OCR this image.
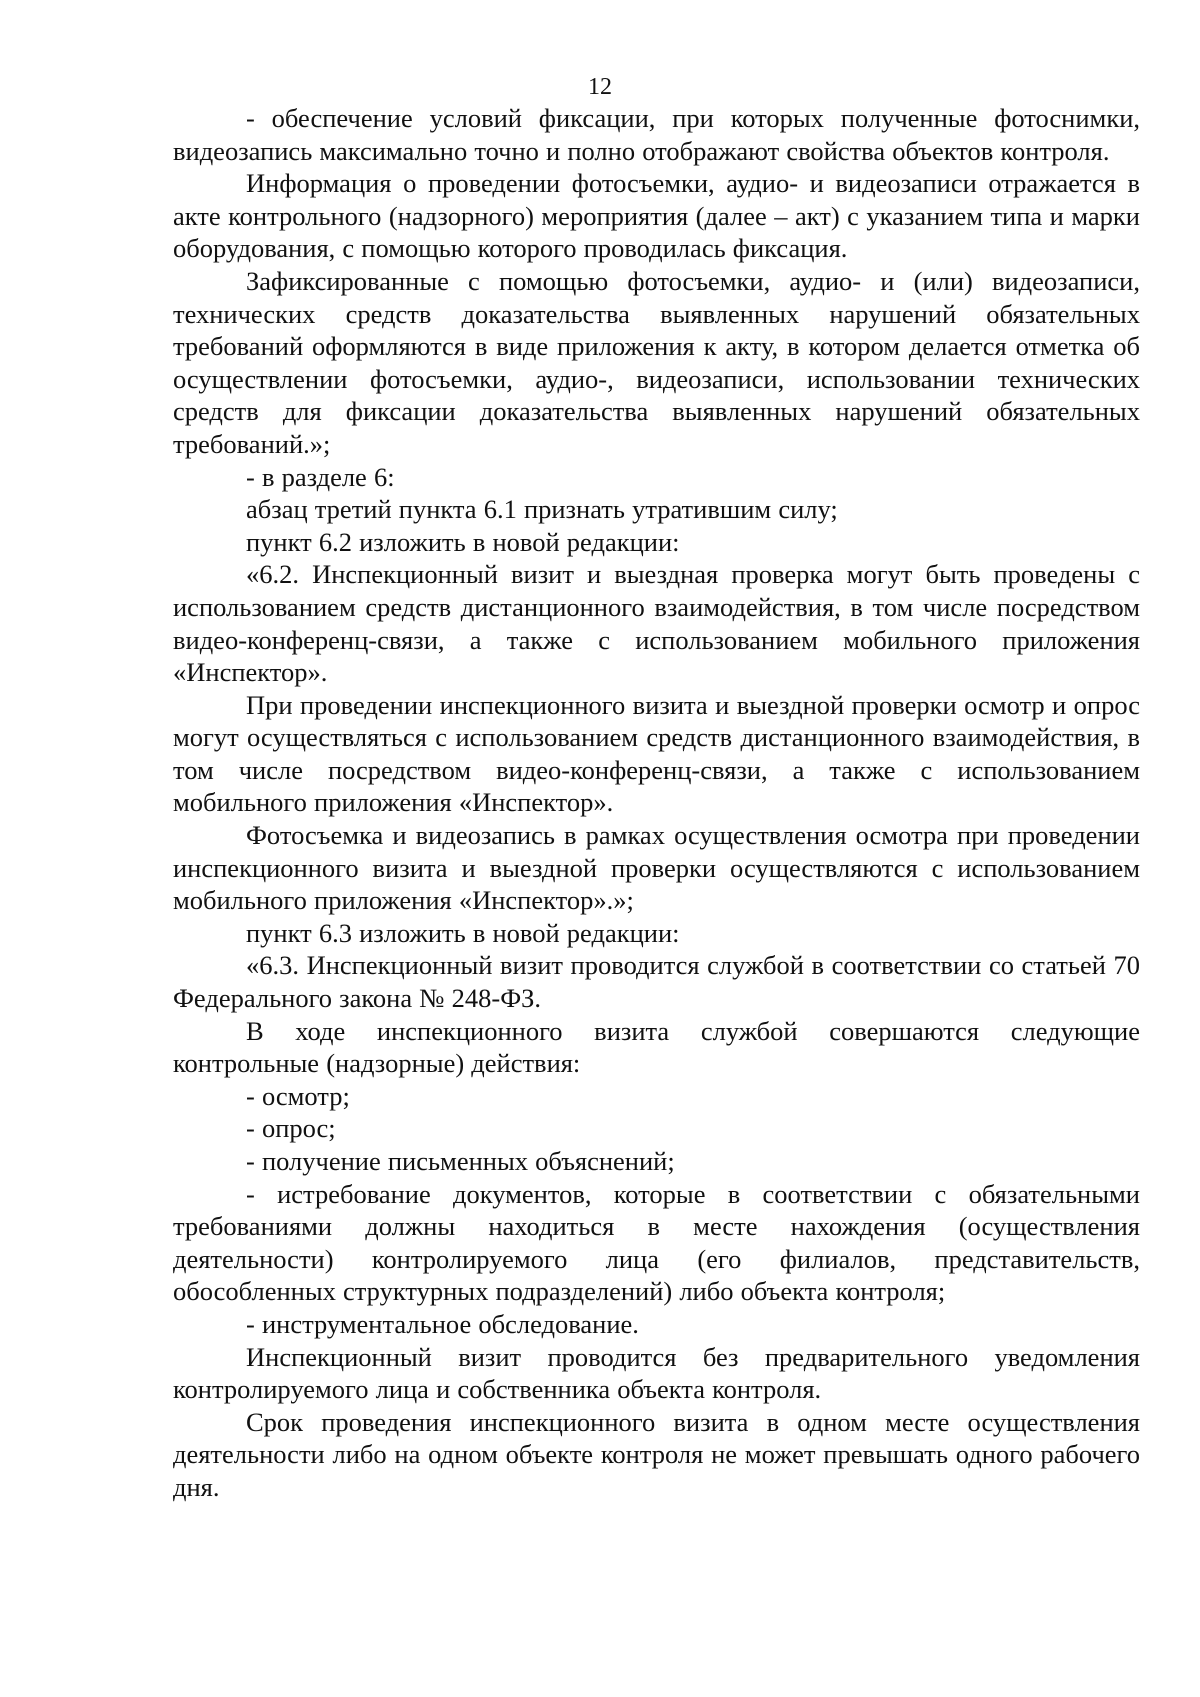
12

- обеспечение условий фиксации, при которых полученные фотоснимки, видеозапись максимально точно и полно отображают свойства объектов контроля.

Информация о проведении фотосъемки, аудио- и видеозаписи отражается в акте контрольного (надзорного) мероприятия (далее – акт) с указанием типа и марки оборудования, с помощью которого проводилась фиксация.

Зафиксированные с помощью фотосъемки, аудио- и (или) видеозаписи, технических средств доказательства выявленных нарушений обязательных требований оформляются в виде приложения к акту, в котором делается отметка об осуществлении фотосъемки, аудио-, видеозаписи, использовании технических средств для фиксации доказательства выявленных нарушений обязательных требований.»;

- в разделе 6:

абзац третий пункта 6.1 признать утратившим силу;

пункт 6.2 изложить в новой редакции:

«6.2. Инспекционный визит и выездная проверка могут быть проведены с использованием средств дистанционного взаимодействия, в том числе посредством видео-конференц-связи, а также с использованием мобильного приложения «Инспектор».

При проведении инспекционного визита и выездной проверки осмотр и опрос могут осуществляться с использованием средств дистанционного взаимодействия, в том числе посредством видео-конференц-связи, а также с использованием мобильного приложения «Инспектор».

Фотосъемка и видеозапись в рамках осуществления осмотра при проведении инспекционного визита и выездной проверки осуществляются с использованием мобильного приложения «Инспектор».»;

пункт 6.3 изложить в новой редакции:

«6.3. Инспекционный визит проводится службой в соответствии со статьей 70 Федерального закона № 248-ФЗ.

В ходе инспекционного визита службой совершаются следующие контрольные (надзорные) действия:

- осмотр;

- опрос;

- получение письменных объяснений;

- истребование документов, которые в соответствии с обязательными требованиями должны находиться в месте нахождения (осуществления деятельности) контролируемого лица (его филиалов, представительств, обособленных структурных подразделений) либо объекта контроля;

- инструментальное обследование.

Инспекционный визит проводится без предварительного уведомления контролируемого лица и собственника объекта контроля.

Срок проведения инспекционного визита в одном месте осуществления деятельности либо на одном объекте контроля не может превышать одного рабочего дня.
